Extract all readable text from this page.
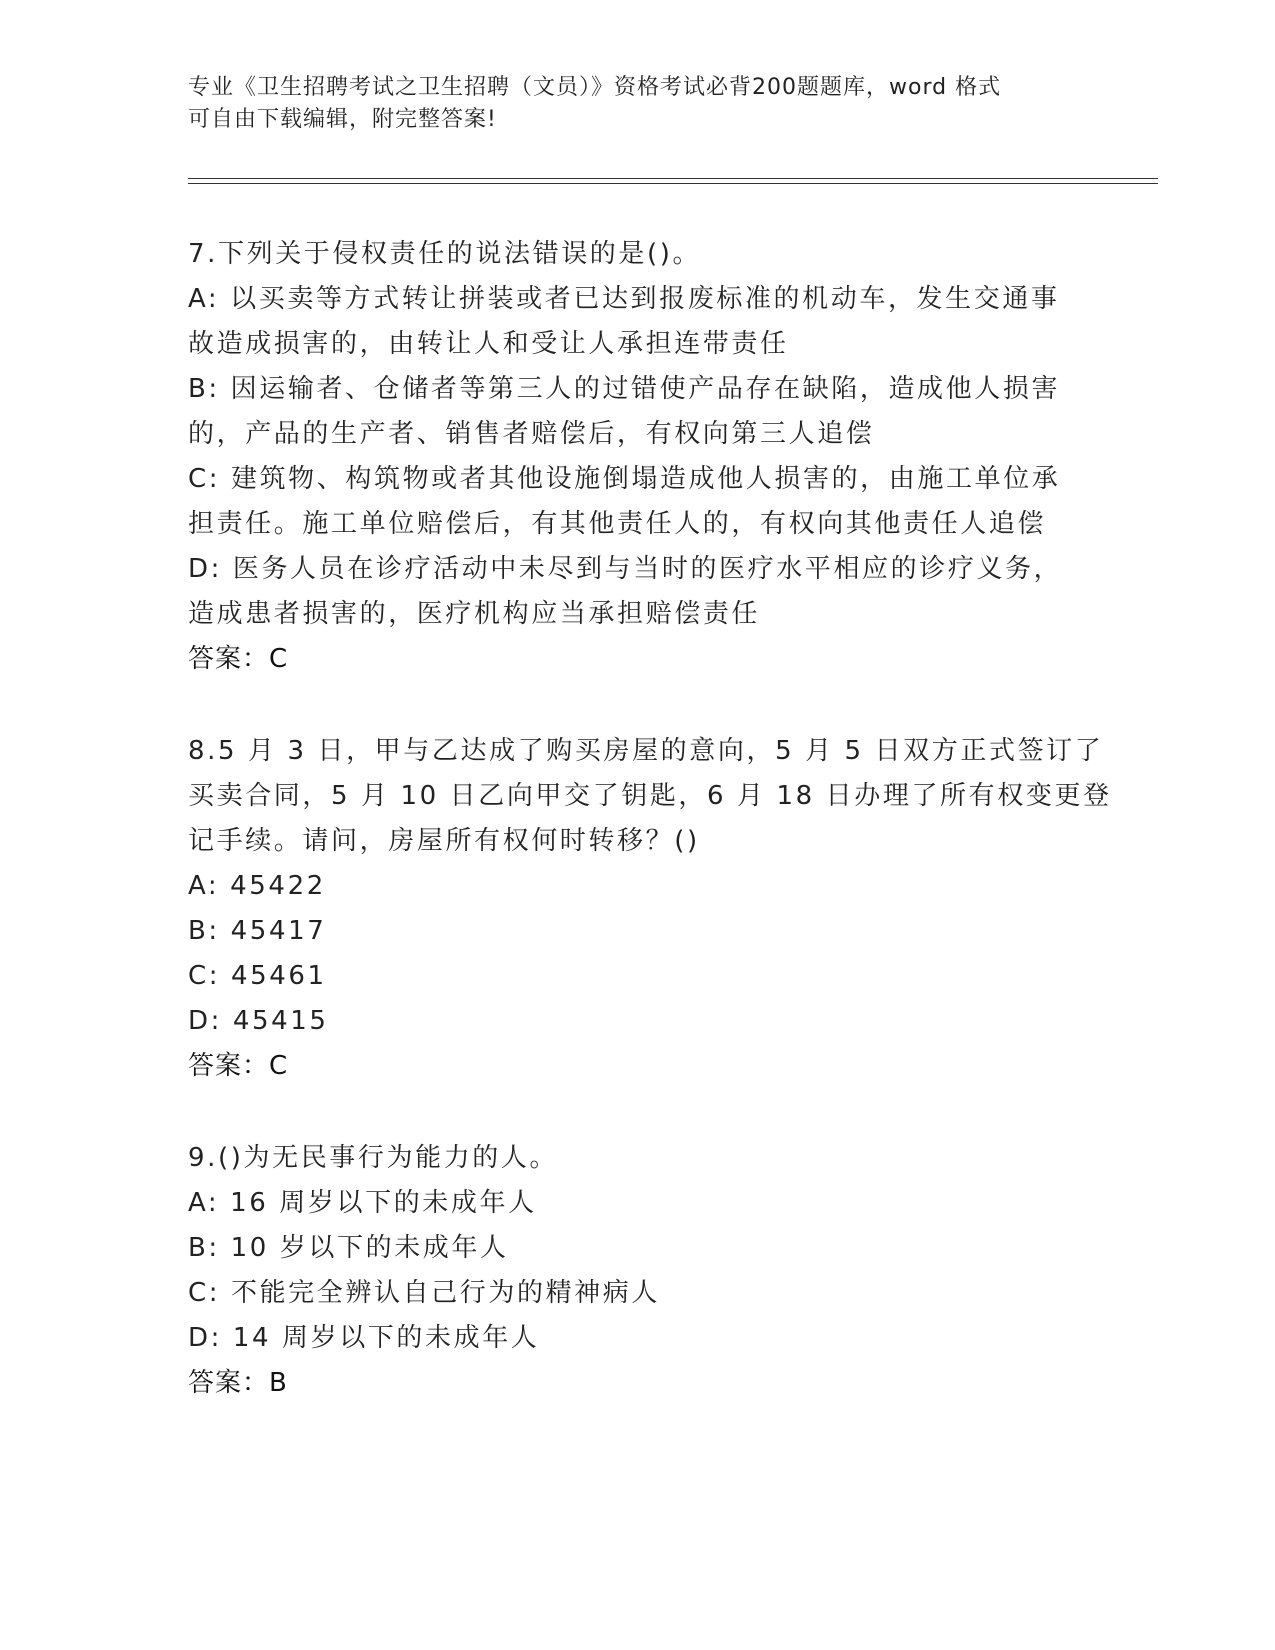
专业《卫生招聘考试之卫生招聘（文员）》资格考试必背200题题库，word 格式
可自由下载编辑，附完整答案!
7.下列关于侵权责任的说法错误的是()。
A: 以买卖等方式转让拼装或者已达到报废标准的机动车，发生交通事
故造成损害的，由转让人和受让人承担连带责任
B: 因运输者、仓储者等第三人的过错使产品存在缺陷，造成他人损害
的，产品的生产者、销售者赔偿后，有权向第三人追偿
C: 建筑物、构筑物或者其他设施倒塌造成他人损害的，由施工单位承
担责任。施工单位赔偿后，有其他责任人的，有权向其他责任人追偿
D: 医务人员在诊疗活动中未尽到与当时的医疗水平相应的诊疗义务，
造成患者损害的，医疗机构应当承担赔偿责任
答案：C
8.5 月 3 日，甲与乙达成了购买房屋的意向，5 月 5 日双方正式签订了
买卖合同，5 月 10 日乙向甲交了钥匙，6 月 18 日办理了所有权变更登
记手续。请问，房屋所有权何时转移？()
A: 45422
B: 45417
C: 45461
D: 45415
答案：C
9.()为无民事行为能力的人。
A: 16 周岁以下的未成年人
B: 10 岁以下的未成年人
C: 不能完全辨认自己行为的精神病人
D: 14 周岁以下的未成年人
答案：B
